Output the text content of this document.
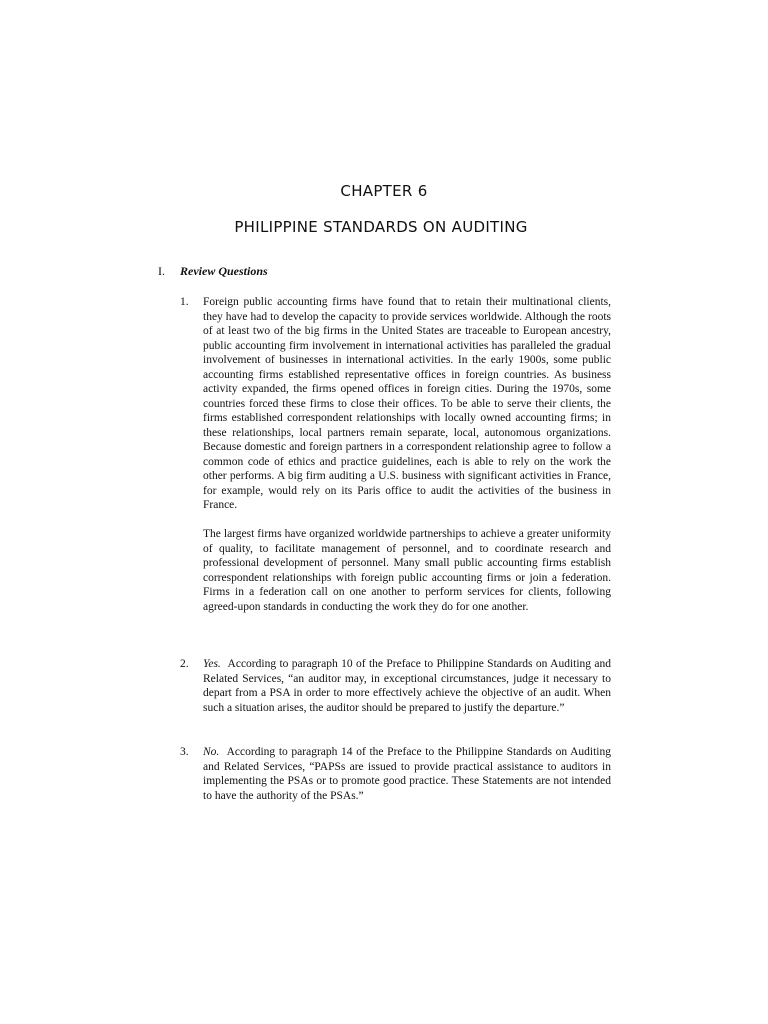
CHAPTER 6
PHILIPPINE STANDARDS ON AUDITING
I. Review Questions
1.	Foreign public accounting firms have found that to retain their multinational clients, they have had to develop the capacity to provide services worldwide. Although the roots of at least two of the big firms in the United States are traceable to European ancestry, public accounting firm involvement in international activities has paralleled the gradual involvement of businesses in international activities. In the early 1900s, some public accounting firms established representative offices in foreign countries. As business activity expanded, the firms opened offices in foreign cities. During the 1970s, some countries forced these firms to close their offices. To be able to serve their clients, the firms established correspondent relationships with locally owned accounting firms; in these relationships, local partners remain separate, local, autonomous organizations. Because domestic and foreign partners in a correspondent relationship agree to follow a common code of ethics and practice guidelines, each is able to rely on the work the other performs. A big firm auditing a U.S. business with significant activities in France, for example, would rely on its Paris office to audit the activities of the business in France.

The largest firms have organized worldwide partnerships to achieve a greater uniformity of quality, to facilitate management of personnel, and to coordinate research and professional development of personnel. Many small public accounting firms establish correspondent relationships with foreign public accounting firms or join a federation. Firms in a federation call on one another to perform services for clients, following agreed-upon standards in conducting the work they do for one another.

2.	Yes. According to paragraph 10 of the Preface to Philippine Standards on Auditing and Related Services, “an auditor may, in exceptional circumstances, judge it necessary to depart from a PSA in order to more effectively achieve the objective of an audit. When such a situation arises, the auditor should be prepared to justify the departure.”

3.	No. According to paragraph 14 of the Preface to the Philippine Standards on Auditing and Related Services, “PAPSs are issued to provide practical assistance to auditors in implementing the PSAs or to promote good practice. These Statements are not intended to have the authority of the PSAs.”
